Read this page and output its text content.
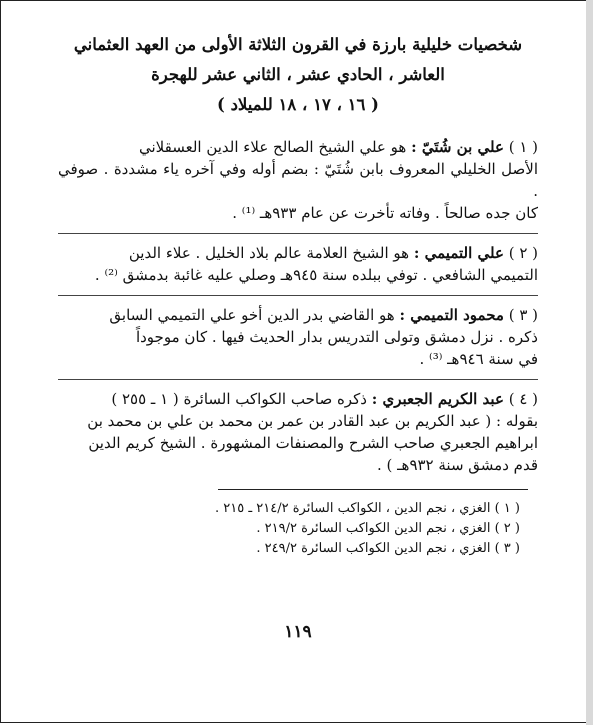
شخصيات خليلية بارزة في القرون الثلاثة الأولى من العهد العثماني
العاشر ، الحادي عشر ، الثاني عشر للهجرة
( ١٦ ، ١٧ ، ١٨ للميلاد )
( ١ ) علي بن شُتَيّ : هو علي الشيخ الصالح علاء الدين العسقلاني
الأصل الخليلي المعروف بابن شُتَيّ : بضم أوله وفي آخره ياء مشددة . صوفي .
كان جده صالحاً . وفاته تأخرت عن عام ٩٣٣هـ ⁽¹⁾ .
( ٢ ) علي التميمي : هو الشيخ العلامة عالم بلاد الخليل . علاء الدين
التميمي الشافعي . توفي ببلده سنة ٩٤٥هـ وصلي عليه غائبة بدمشق ⁽²⁾ .
( ٣ ) محمود التميمي : هو القاضي بدر الدين أخو علي التميمي السابق
ذكره . نزل دمشق وتولى التدريس بدار الحديث فيها . كان موجوداً
في سنة ٩٤٦هـ ⁽³⁾ .
( ٤ ) عبد الكريم الجعبري : ذكره صاحب الكواكب السائرة ( ١ ـ ٢٥٥ )
بقوله : ( عبد الكريم بن عبد القادر بن عمر بن محمد بن علي بن محمد بن
ابراهيم الجعبري صاحب الشرح والمصنفات المشهورة . الشيخ كريم الدين
قدم دمشق سنة ٩٣٢هـ ) .
( ١ ) الغزي ، نجم الدين ، الكواكب السائرة ٢١٤/٢ ـ ٢١٥ .
( ٢ ) الغزي ، نجم الدين الكواكب السائرة ٢١٩/٢ .
( ٣ ) الغزي ، نجم الدين الكواكب السائرة ٢٤٩/٢ .
١١٩
